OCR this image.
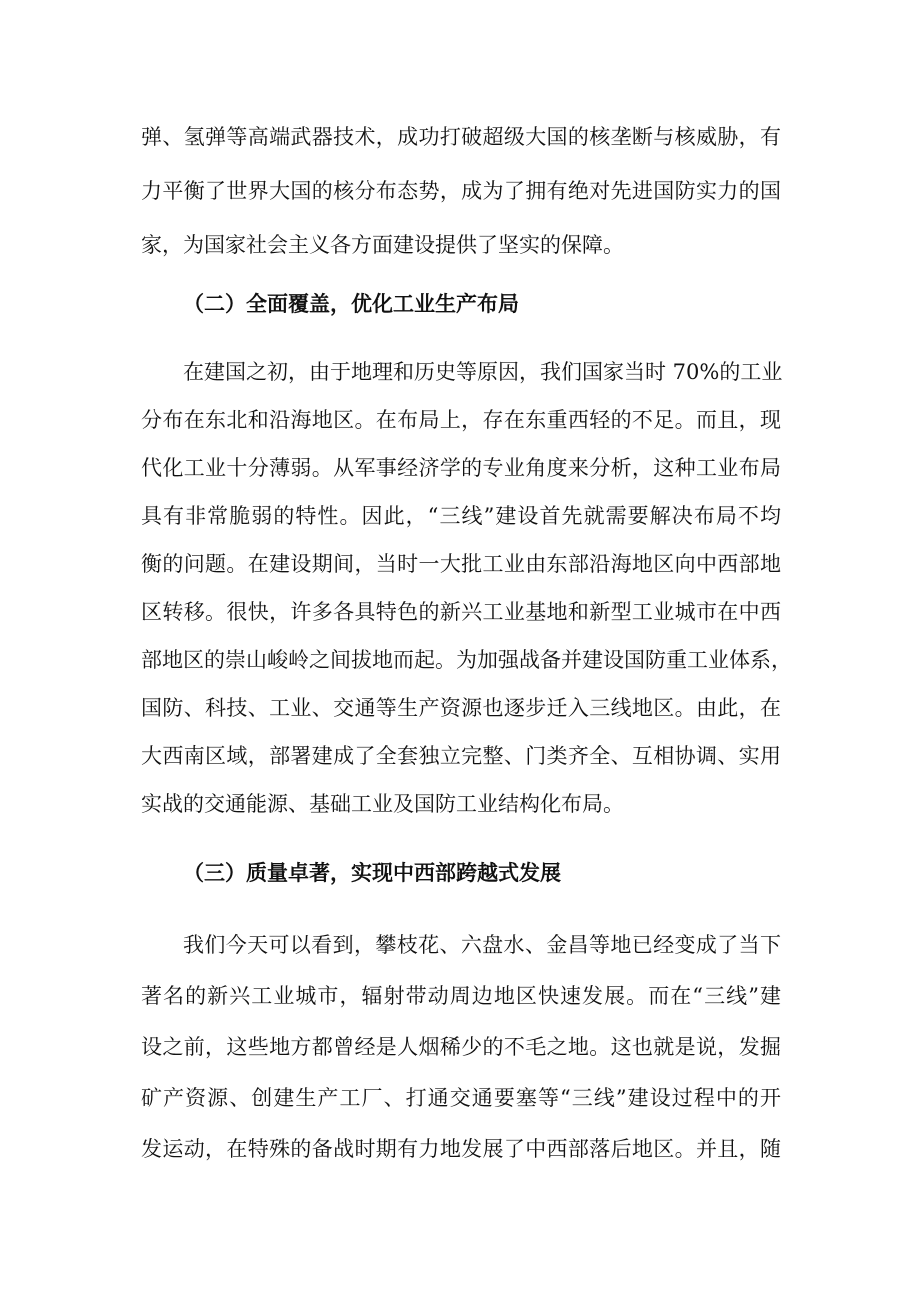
弹、氢弹等高端武器技术，成功打破超级大国的核垄断与核威胁，有
力平衡了世界大国的核分布态势，成为了拥有绝对先进国防实力的国
家，为国家社会主义各方面建设提供了坚实的保障。
（二）全面覆盖，优化工业生产布局
在建国之初，由于地理和历史等原因，我们国家当时 70%的工业
分布在东北和沿海地区。在布局上，存在东重西轻的不足。而且，现
代化工业十分薄弱。从军事经济学的专业角度来分析，这种工业布局
具有非常脆弱的特性。因此，“三线”建设首先就需要解决布局不均
衡的问题。在建设期间，当时一大批工业由东部沿海地区向中西部地
区转移。很快，许多各具特色的新兴工业基地和新型工业城市在中西
部地区的崇山峻岭之间拔地而起。为加强战备并建设国防重工业体系，
国防、科技、工业、交通等生产资源也逐步迁入三线地区。由此，在
大西南区域，部署建成了全套独立完整、门类齐全、互相协调、实用
实战的交通能源、基础工业及国防工业结构化布局。
（三）质量卓著，实现中西部跨越式发展
我们今天可以看到，攀枝花、六盘水、金昌等地已经变成了当下
著名的新兴工业城市，辐射带动周边地区快速发展。而在“三线”建
设之前，这些地方都曾经是人烟稀少的不毛之地。这也就是说，发掘
矿产资源、创建生产工厂、打通交通要塞等“三线”建设过程中的开
发运动，在特殊的备战时期有力地发展了中西部落后地区。并且，随
